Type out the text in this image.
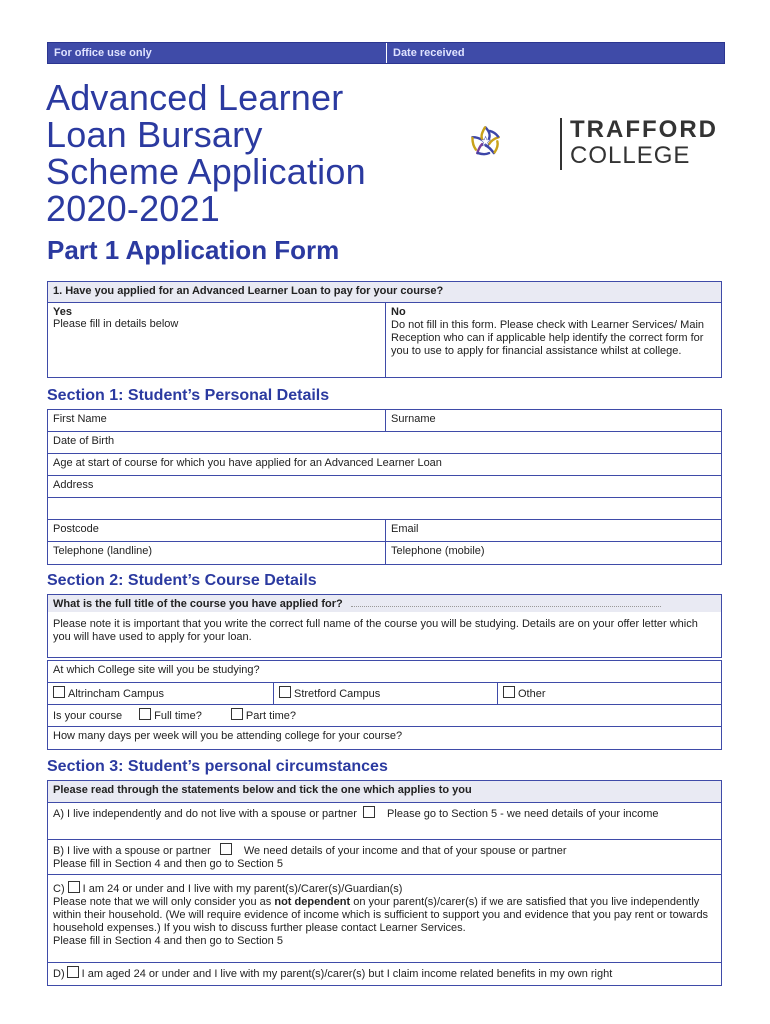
For office use only	Date received
Advanced Learner
Loan Bursary
Scheme Application
2020-2021
TRAFFORD
COLLEGE
Part 1 Application Form
1. Have you applied for an Advanced Learner Loan to pay for your course?
Yes
Please fill in details below
No
Do not fill in this form. Please check with Learner Services/ Main Reception who can if applicable help identify the correct form for you to use to apply for financial assistance whilst at college.
Section 1: Student’s Personal Details
First Name	Surname
Date of Birth
Age at start of course for which you have applied for an Advanced Learner Loan
Address
Postcode	Email
Telephone (landline)	Telephone (mobile)
Section 2: Student’s Course Details
What is the full title of the course you have applied for?
Please note it is important that you write the correct full name of the course you will be studying. Details are on your offer letter which you will have used to apply for your loan.
At which College site will you be studying?
Altrincham Campus	Stretford Campus	Other
Is your course	Full time?	Part time?
How many days per week will you be attending college for your course?
Section 3: Student’s personal circumstances
Please read through the statements below and tick the one which applies to you
A) I live independently and do not live with a spouse or partner	Please go to Section 5 - we need details of your income
B) I live with a spouse or partner	We need details of your income and that of your spouse or partner
Please fill in Section 4 and then go to Section 5
C) I am 24 or under and I live with my parent(s)/Carer(s)/Guardian(s)
Please note that we will only consider you as not dependent on your parent(s)/carer(s) if we are satisfied that you live independently within their household. (We will require evidence of income which is sufficient to support you and evidence that you pay rent or towards household expenses.) If you wish to discuss further please contact Learner Services.
Please fill in Section 4 and then go to Section 5
D) I am aged 24 or under and I live with my parent(s)/carer(s) but I claim income related benefits in my own right
